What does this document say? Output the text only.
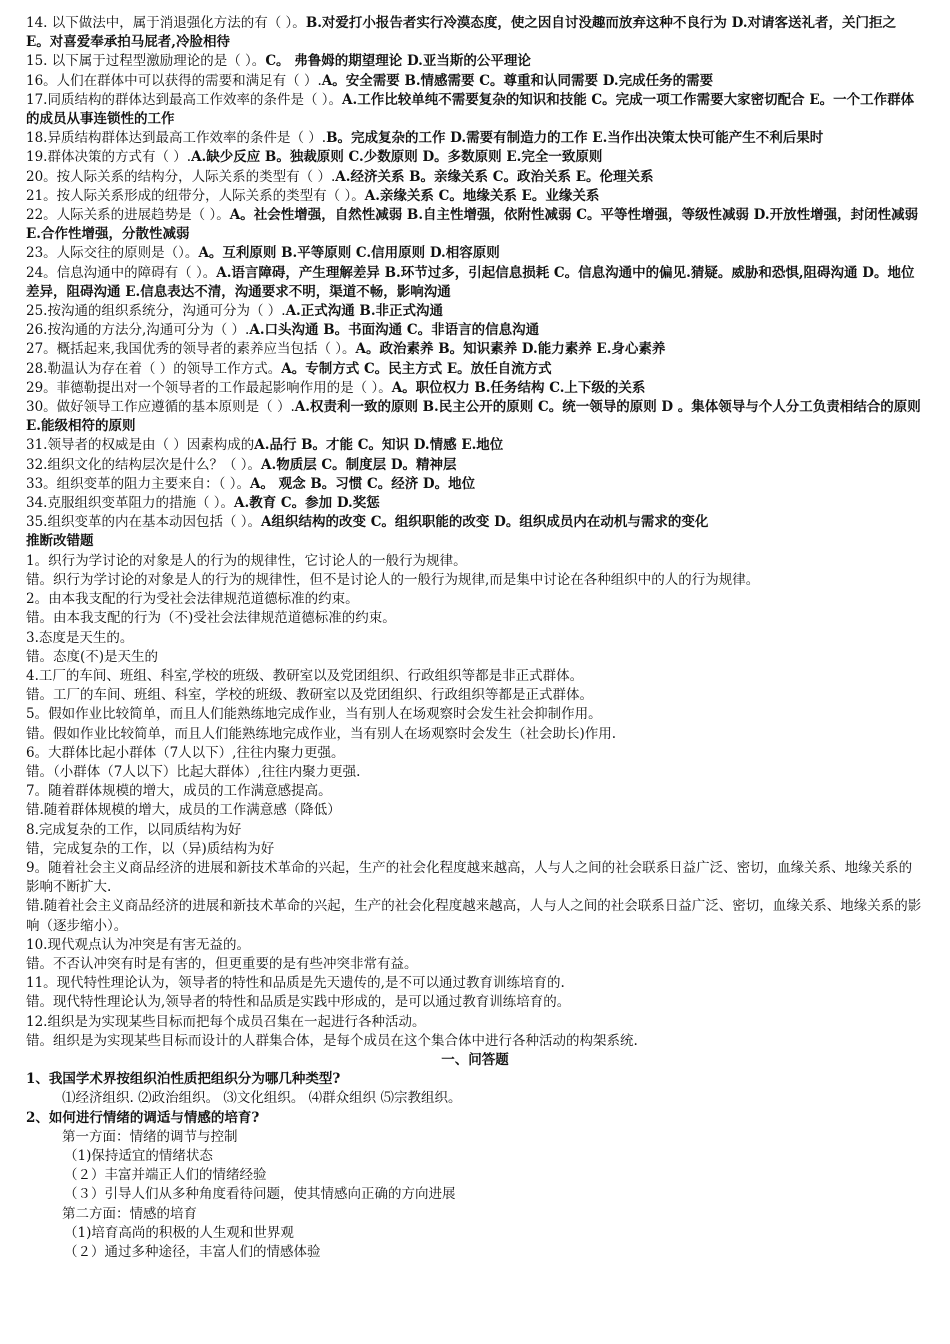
14. 以下做法中，属于消退强化方法的有（ ）。B.对爱打小报告者实行冷漠态度，使之因自讨没趣而放弃这种不良行为 D.对请客送礼者，关门拒之 E。对喜爱奉承拍马屁者,冷脸相待
15. 以下属于过程型激励理论的是（ ）。C。 弗鲁姆的期望理论 D.亚当斯的公平理论
16。人们在群体中可以获得的需要和满足有（ ）.A。安全需要 B.情感需要 C。尊重和认同需要 D.完成任务的需要
17.同质结构的群体达到最高工作效率的条件是（ ）。A.工作比较单纯不需要复杂的知识和技能 C。完成一项工作需要大家密切配合 E。一个工作群体的成员从事连锁性的工作
18.异质结构群体达到最高工作效率的条件是（ ）.B。完成复杂的工作 D.需要有制造力的工作 E.当作出决策太快可能产生不利后果时
19.群体决策的方式有（ ）.A.缺少反应 B。独裁原则 C.少数原则 D。多数原则 E.完全一致原则
20。按人际关系的结构分，人际关系的类型有（ ）.A.经济关系 B。亲缘关系 C。政治关系 E。伦理关系
21。按人际关系形成的纽带分，人际关系的类型有（ ）。A.亲缘关系 C。地缘关系 E。业缘关系
22。人际关系的进展趋势是（ ）。A。社会性增强，自然性减弱 B.自主性增强，依附性减弱 C。平等性增强，等级性减弱 D.开放性增强，封闭性减弱 E.合作性增强，分散性减弱
23。人际交往的原则是（）。A。互利原则 B.平等原则 C.信用原则 D.相容原则
24。信息沟通中的障碍有（ ）。A.语言障碍，产生理解差异 B.环节过多，引起信息损耗 C。信息沟通中的偏见.猜疑。威胁和恐惧,阻碍沟通 D。地位差异，阻碍沟通 E.信息表达不清，沟通要求不明，渠道不畅，影响沟通
25.按沟通的组织系统分，沟通可分为（ ）.A.正式沟通 B.非正式沟通
26.按沟通的方法分,沟通可分为（ ）.A.口头沟通 B。书面沟通 C。非语言的信息沟通
27。概括起来,我国优秀的领导者的素养应当包括（ ）。A。政治素养 B。知识素养 D.能力素养 E.身心素养
28.勒温认为存在着（ ）的领导工作方式。A。专制方式 C。民主方式 E。放任自流方式
29。菲德勒提出对一个领导者的工作最起影响作用的是（ ）。A。职位权力 B.任务结构 C.上下级的关系
30。做好领导工作应遵循的基本原则是（ ）.A.权责利一致的原则 B.民主公开的原则 C。统一领导的原则 D 。集体领导与个人分工负责相结合的原则 E.能级相符的原则
31.领导者的权威是由（ ）因素构成的A.品行 B。才能 C。知识 D.情感 E.地位
32.组织文化的结构层次是什么？（ ）。A.物质层 C。制度层 D。精神层
33。组织变革的阻力主要来自：（ ）。A。 观念 B。习惯 C。经济 D。地位
34.克服组织变革阻力的措施（ ）。A.教育 C。参加 D.奖惩
35.组织变革的内在基本动因包括（ ）。A组织结构的改变 C。组织职能的改变 D。组织成员内在动机与需求的变化
推断改错题
1。织行为学讨论的对象是人的行为的规律性，它讨论人的一般行为规律。
错。织行为学讨论的对象是人的行为的规律性，但不是讨论人的一般行为规律,而是集中讨论在各种组织中的人的行为规律。
2。由本我支配的行为受社会法律规范道德标准的约束。
错。由本我支配的行为（不)受社会法律规范道德标准的约束。
3.态度是天生的。
错。态度(不)是天生的
4.工厂的车间、班组、科室,学校的班级、教研室以及党团组织、行政组织等都是非正式群体。
错。工厂的车间、班组、科室，学校的班级、教研室以及党团组织、行政组织等都是正式群体。
5。假如作业比较简单，而且人们能熟练地完成作业，当有别人在场观察时会发生社会抑制作用。
错。假如作业比较简单，而且人们能熟练地完成作业，当有别人在场观察时会发生（社会助长)作用.
6。大群体比起小群体（7人以下）,往往内聚力更强。
错。（小群体（7人以下）比起大群体）,往往内聚力更强.
7。随着群体规模的增大，成员的工作满意感提高。
错.随着群体规模的增大，成员的工作满意感（降低）
8.完成复杂的工作，以同质结构为好
错，完成复杂的工作，以（异)质结构为好
9。随着社会主义商品经济的进展和新技术革命的兴起，生产的社会化程度越来越高，人与人之间的社会联系日益广泛、密切，血缘关系、地缘关系的影响不断扩大.
错.随着社会主义商品经济的进展和新技术革命的兴起，生产的社会化程度越来越高，人与人之间的社会联系日益广泛、密切，血缘关系、地缘关系的影响（逐步缩小）。
10.现代观点认为冲突是有害无益的。
错。不否认冲突有时是有害的，但更重要的是有些冲突非常有益。
11。现代特性理论认为，领导者的特性和品质是先天遗传的,是不可以通过教育训练培育的.
错。现代特性理论认为,领导者的特性和品质是实践中形成的，是可以通过教育训练培育的。
12.组织是为实现某些目标而把每个成员召集在一起进行各种活动。
错。组织是为实现某些目标而设计的人群集合体，是每个成员在这个集合体中进行各种活动的构架系统.
一、问答题
1、我国学术界按组织泊性质把组织分为哪几种类型?
⑴经济组织. ⑵政治组织。 ⑶文化组织。 ⑷群众组织 ⑸宗教组织。
2、如何进行情绪的调适与情感的培育?
第一方面：情绪的调节与控制
（1)保持适宜的情绪状态
（２）丰富并端正人们的情绪经验
（３）引导人们从多种角度看待问题，使其情感向正确的方向进展
第二方面：情感的培育
（1)培育高尚的积极的人生观和世界观
（２）通过多种途径，丰富人们的情感体验
